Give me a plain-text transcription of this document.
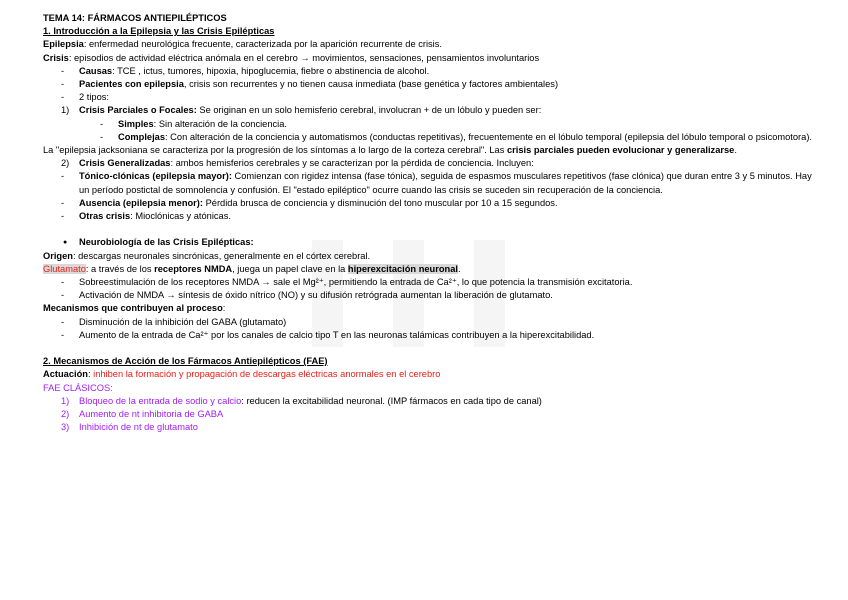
TEMA 14: FÁRMACOS ANTIEPILÉPTICOS
1. Introducción a la Epilepsia y las Crisis Epilépticas
Epilepsia: enfermedad neurológica frecuente, caracterizada por la aparición recurrente de crisis.
Crisis: episodios de actividad eléctrica anómala en el cerebro → movimientos, sensaciones, pensamientos involuntarios
- Causas: TCE , ictus, tumores, hipoxia, hipoglucemia, fiebre o abstinencia de alcohol.
- Pacientes con epilepsia, crisis son recurrentes y no tienen causa inmediata (base genética y factores ambientales)
- 2 tipos:
1) Crisis Parciales o Focales: Se originan en un solo hemisferio cerebral, involucran + de un lóbulo y pueden ser:
- Simples: Sin alteración de la conciencia.
- Complejas: Con alteración de la conciencia y automatismos (conductas repetitivas), frecuentemente en el lóbulo temporal (epilepsia del lóbulo temporal o psicomotora).
La "epilepsia jacksoniana se caracteriza por la progresión de los síntomas a lo largo de la corteza cerebral". Las crisis parciales pueden evolucionar y generalizarse.
2) Crisis Generalizadas: ambos hemisferios cerebrales y se caracterizan por la pérdida de conciencia. Incluyen:
- Tónico-clónicas (epilepsia mayor): Comienzan con rigidez intensa (fase tónica), seguida de espasmos musculares repetitivos (fase clónica) que duran entre 3 y 5 minutos. Hay un período postictal de somnolencia y confusión. El "estado epiléptico" ocurre cuando las crisis se suceden sin recuperación de la conciencia.
- Ausencia (epilepsia menor): Pérdida brusca de conciencia y disminución del tono muscular por 10 a 15 segundos.
- Otras crisis: Mioclónicas y atónicas.
● Neurobiología de las Crisis Epilépticas:
Origen: descargas neuronales sincrónicas, generalmente en el córtex cerebral.
Glutamato: a través de los receptores NMDA, juega un papel clave en la hiperexcitación neuronal.
- Sobreestimulación de los receptores NMDA → sale el Mg²⁺, permitiendo la entrada de Ca²⁺, lo que potencia la transmisión excitatoria.
- Activación de NMDA → síntesis de óxido nítrico (NO) y su difusión retrógrada aumentan la liberación de glutamato.
Mecanismos que contribuyen al proceso:
- Disminución de la inhibición del GABA (glutamato)
- Aumento de la entrada de Ca²⁺ por los canales de calcio tipo T en las neuronas talámicas contribuyen a la hiperexcitabilidad.
2. Mecanismos de Acción de los Fármacos Antiepilépticos (FAE)
Actuación: inhiben la formación y propagación de descargas eléctricas anormales en el cerebro
FAE CLÁSICOS:
1) Bloqueo de la entrada de sodio y calcio: reducen la excitabilidad neuronal. (IMP fármacos en cada tipo de canal)
2) Aumento de nt inhibitoria de GABA
3) Inhibición de nt de glutamato
